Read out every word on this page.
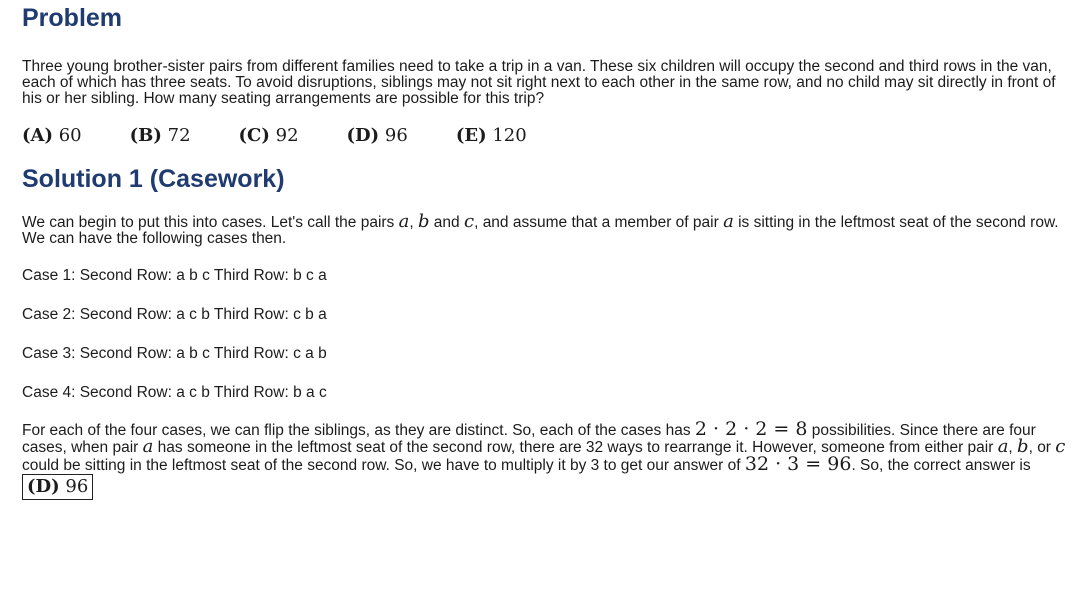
Problem

Three young brother-sister pairs from different families need to take a trip in a van. These six children will occupy the second and third rows in the van, each of which has three seats. To avoid disruptions, siblings may not sit right next to each other in the same row, and no child may sit directly in front of his or her sibling. How many seating arrangements are possible for this trip?

(A) 60	(B) 72	(C) 92	(D) 96	(E) 120
Solution 1 (Casework)

We can begin to put this into cases. Let's call the pairs a, b and c, and assume that a member of pair a is sitting in the leftmost seat of the second row. We can have the following cases then.

Case 1: Second Row: a b c Third Row: b c a

Case 2: Second Row: a c b Third Row: c b a

Case 3: Second Row: a b c Third Row: c a b

Case 4: Second Row: a c b Third Row: b a c

For each of the four cases, we can flip the siblings, as they are distinct. So, each of the cases has 2 · 2 · 2 = 8 possibilities. Since there are four cases, when pair a has someone in the leftmost seat of the second row, there are 32 ways to rearrange it. However, someone from either pair a, b, or c could be sitting in the leftmost seat of the second row. So, we have to multiply it by 3 to get our answer of 32 · 3 = 96. So, the correct answer is (D) 96
